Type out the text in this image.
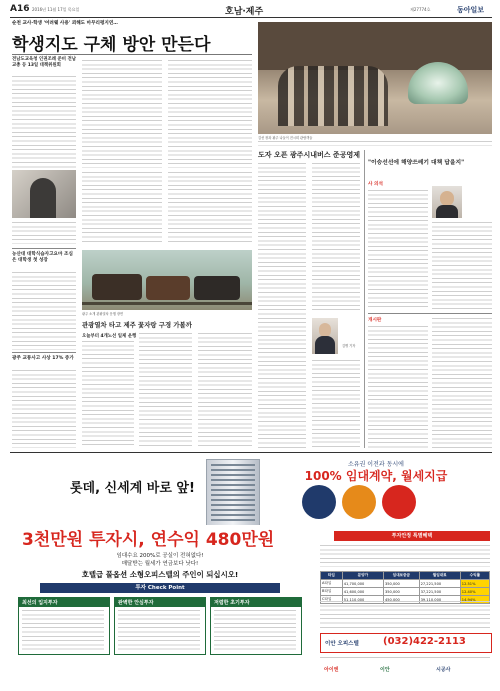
A16 2016년 11월 17일 목요일	호남·제주	제27774호	동아일보
순천 교사·학생 '어려웨 사용' 꾀해도 마무리평지연…
학생지도 구체 방안 만든다
전남도교육청 인권조례 준비 전남교총 등 13일 대책위원회
김선 장과 광주 나들이 전시회 관람객들
농산대 대학식습자고요마 조심은 대학생 첫 성장
광주 교통사고 사상 17% 증가
광주 소개 관광열차 운행 장면
관광열차 타고 제주 꽃자랑 구경 가볼까
오늘부터 4개노선 일제 운행
도자 오픈 광주시내버스 준공영제
김병 기자
"이승선선에 해양쓰레기 대책 답을지"
사 의석
개시판
소유권 이전과 동시에
100% 임대계약, 월세지급
롯데, 신세계 바로 앞!
3천만원 투자시, 연수익 480만원
임대수요 200%로 공실이 전혀없다!
매달받는 월세가 연금보다 낫다!
호텔급 풀옵션 소형오피스텔의 주인이 되십시오!
투자 Check Point
최선의 입지투자	완벽한 안심투자	저렴한 초기투자
투자안정 특별혜택
타입	분양가	임대보증금	월임대료	수익률
A타입	41,700,000	350,000	27,221,500	12.51%
B타입	41,600,000	350,000	37,221,500	12.40%
C타입	51,110,000	450,000	39,110,000	14.94%
이안 오피스텔 (032)422-2113
아이엔	이안	시공사
